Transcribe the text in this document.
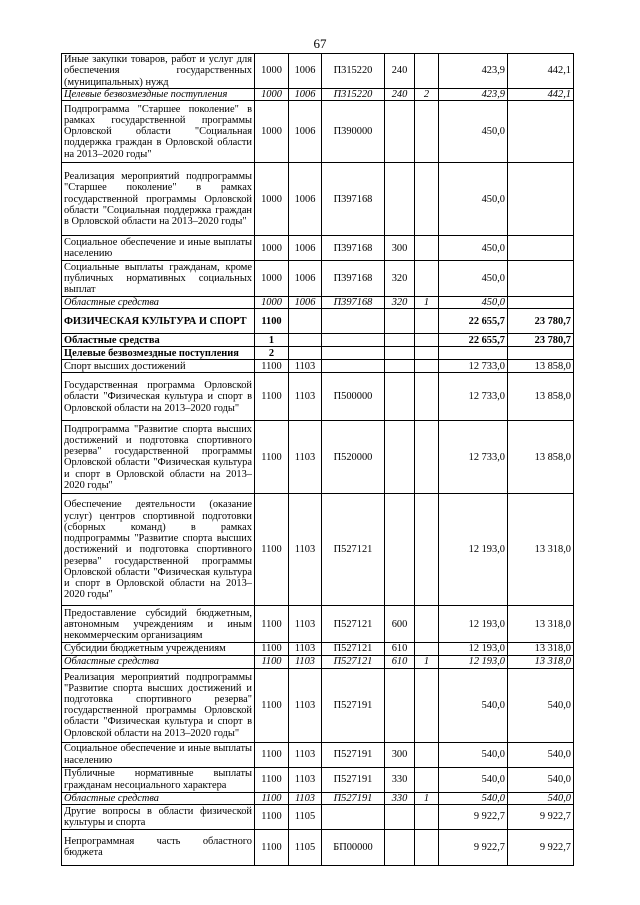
67
Иные закупки товаров, работ и услуг для обеспечения государственных (муниципальных) нужд	1000	1006	П315220	240		423,9	442,1
Целевые безвозмездные поступления	1000	1006	П315220	240	2	423,9	442,1
Подпрограмма "Старшее поколение" в рамках государственной программы Орловской области "Социальная поддержка граждан в Орловской области на 2013–2020 годы"	1000	1006	П390000			450,0	
Реализация мероприятий подпрограммы "Старшее поколение" в рамках государственной программы Орловской области "Социальная поддержка граждан в Орловской области на 2013–2020 годы"	1000	1006	П397168			450,0	
Социальное обеспечение и иные выплаты населению	1000	1006	П397168	300		450,0	
Социальные выплаты гражданам, кроме публичных нормативных социальных выплат	1000	1006	П397168	320		450,0	
Областные средства	1000	1006	П397168	320	1	450,0	
ФИЗИЧЕСКАЯ КУЛЬТУРА И СПОРТ	1100					22 655,7	23 780,7
Областные средства	1					22 655,7	23 780,7
Целевые безвозмездные поступления	2						
Спорт высших достижений	1100	1103				12 733,0	13 858,0
Государственная программа Орловской области "Физическая культура и спорт в Орловской области на 2013–2020 годы"	1100	1103	П500000			12 733,0	13 858,0
Подпрограмма "Развитие спорта высших достижений и подготовка спортивного резерва" государственной программы Орловской области "Физическая культура и спорт в Орловской области на 2013–2020 годы"	1100	1103	П520000			12 733,0	13 858,0
Обеспечение деятельности (оказание услуг) центров спортивной подготовки (сборных команд) в рамках подпрограммы "Развитие спорта высших достижений и подготовка спортивного резерва" государственной программы Орловской области "Физическая культура и спорт в Орловской области на 2013–2020 годы"	1100	1103	П527121			12 193,0	13 318,0
Предоставление субсидий бюджетным, автономным учреждениям и иным некоммерческим организациям	1100	1103	П527121	600		12 193,0	13 318,0
Субсидии бюджетным учреждениям	1100	1103	П527121	610		12 193,0	13 318,0
Областные средства	1100	1103	П527121	610	1	12 193,0	13 318,0
Реализация мероприятий подпрограммы "Развитие спорта высших достижений и подготовка спортивного резерва" государственной программы Орловской области "Физическая культура и спорт в Орловской области на 2013–2020 годы"	1100	1103	П527191			540,0	540,0
Социальное обеспечение и иные выплаты населению	1100	1103	П527191	300		540,0	540,0
Публичные нормативные выплаты гражданам несоциального характера	1100	1103	П527191	330		540,0	540,0
Областные средства	1100	1103	П527191	330	1	540,0	540,0
Другие вопросы в области физической культуры и спорта	1100	1105				9 922,7	9 922,7
Непрограммная часть областного бюджета	1100	1105	БП00000			9 922,7	9 922,7
